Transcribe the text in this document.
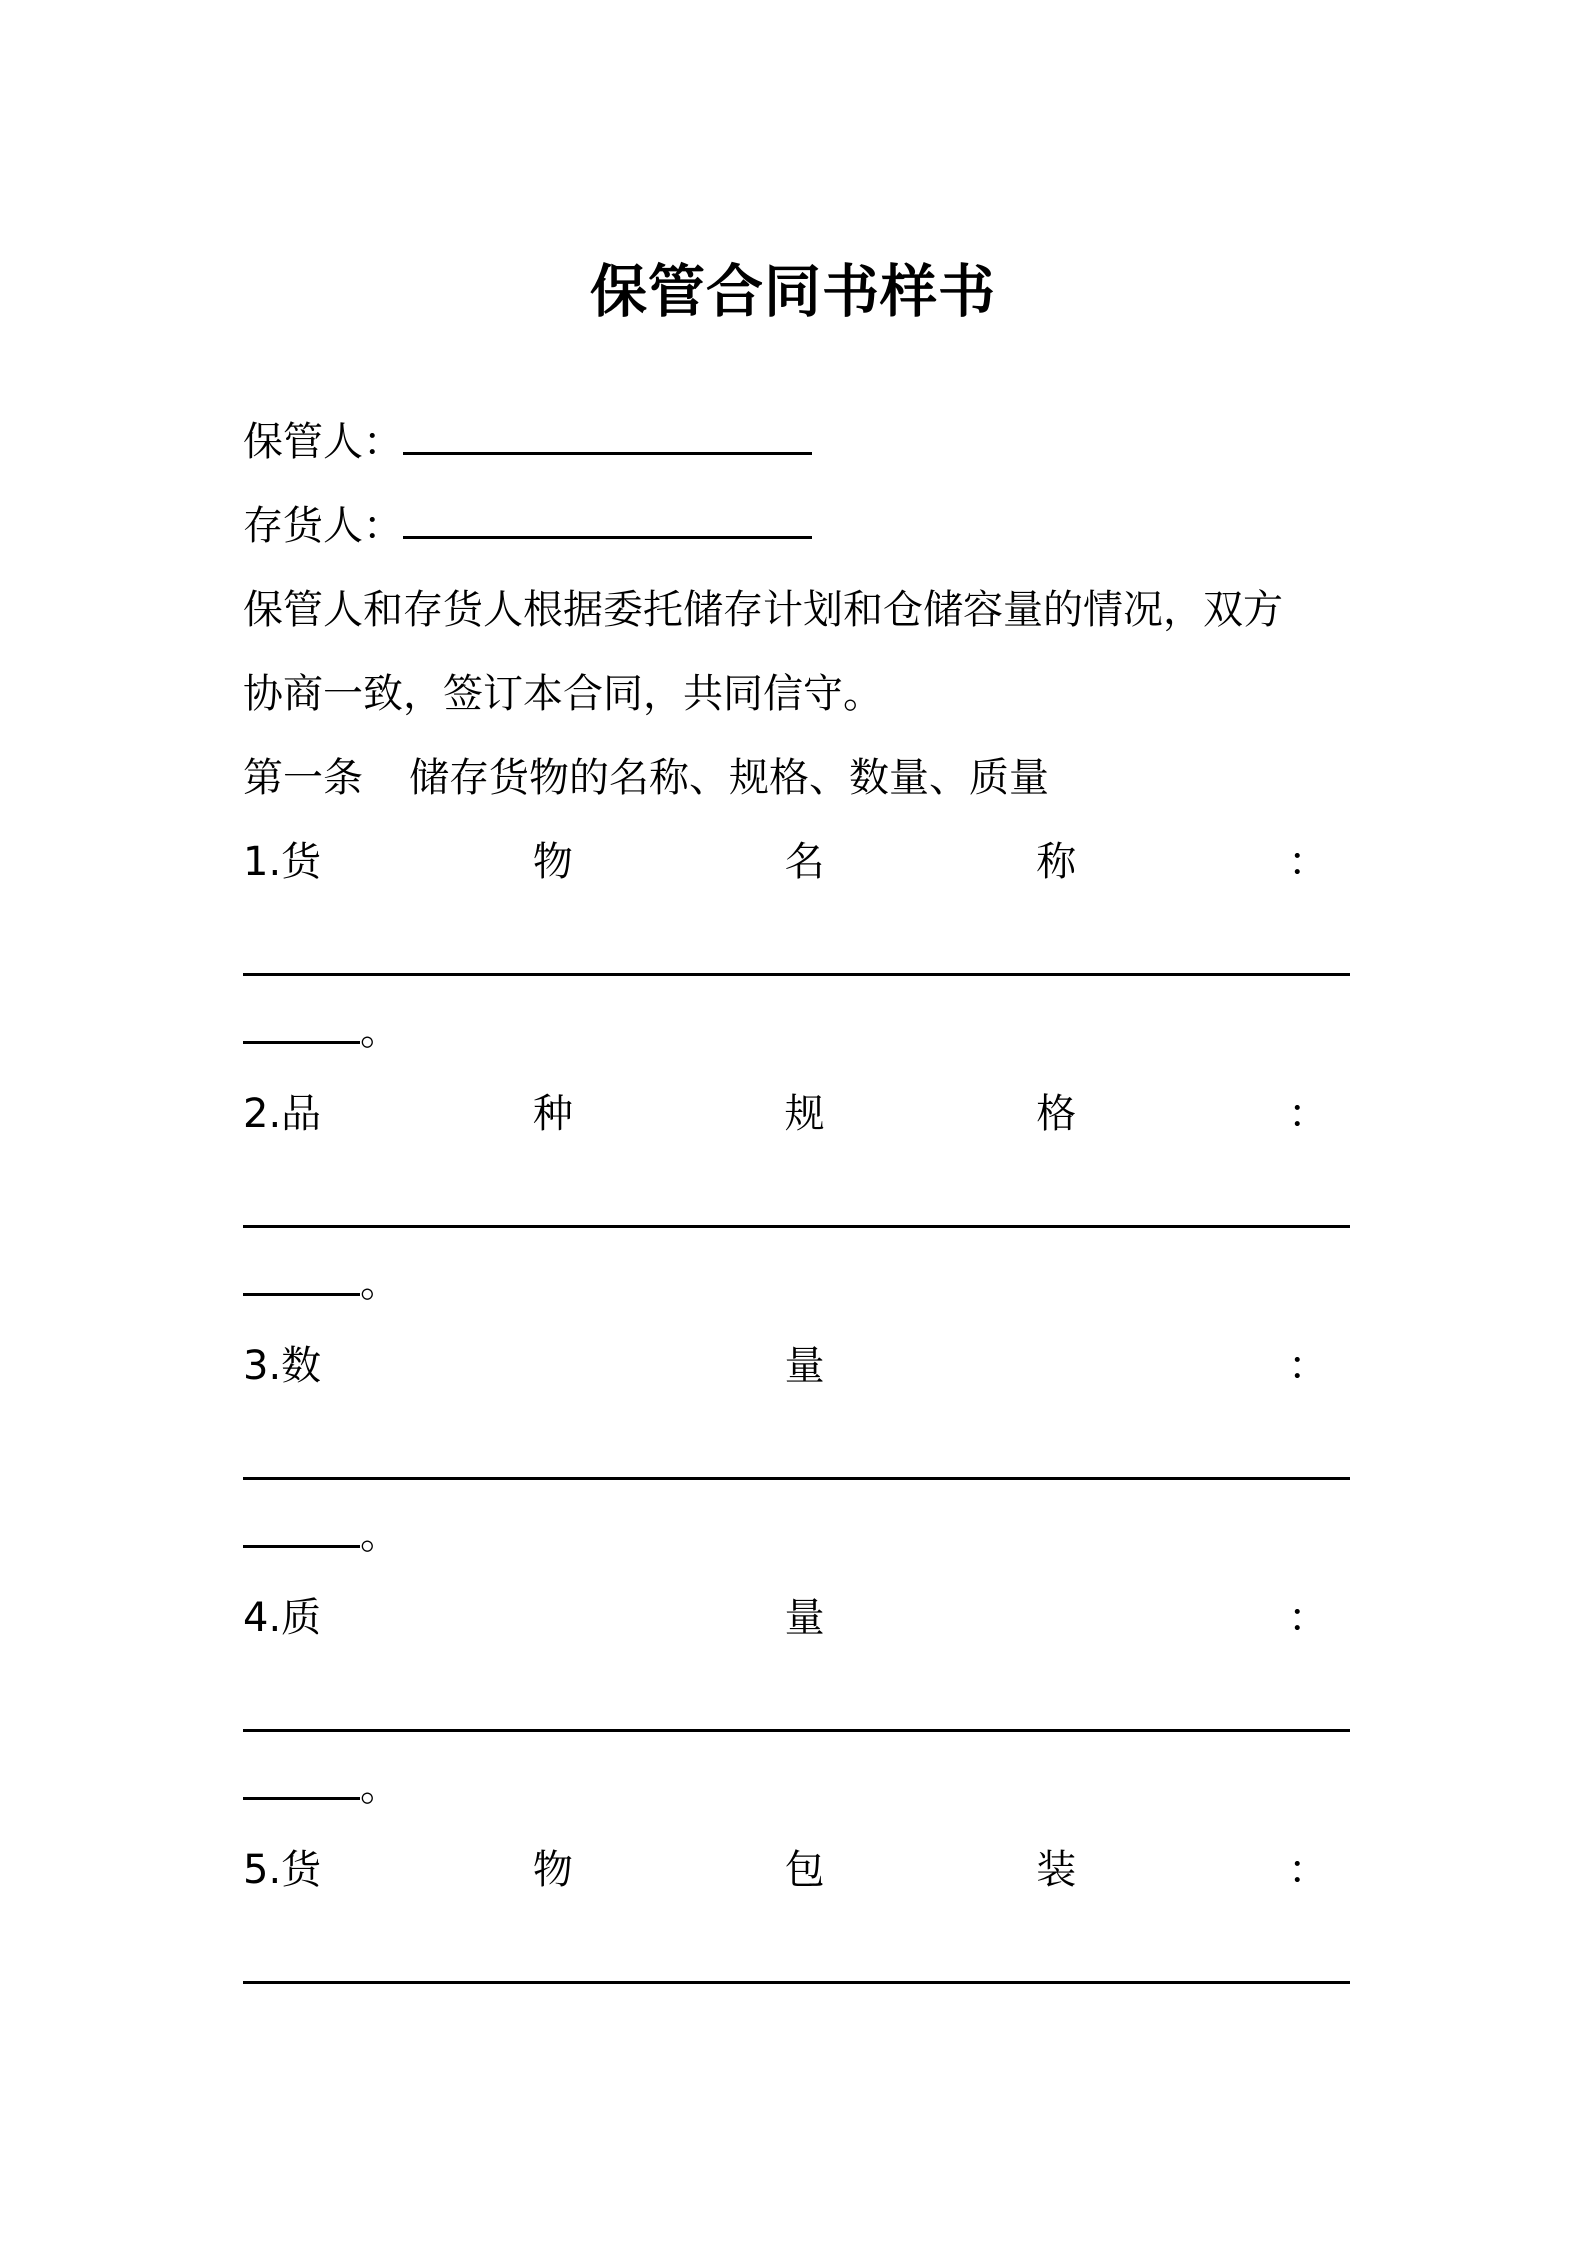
保管合同书样书
保管人：
存货人：
保管人和存货人根据委托储存计划和仓储容量的情况，双方
协商一致，签订本合同，共同信守。
第一条 储存货物的名称、规格、数量、质量
1.货	物	名	称	：
。
2.品	种	规	格	：
。
3.数	量	：
。
4.质	量	：
。
5.货	物	包	装	：
